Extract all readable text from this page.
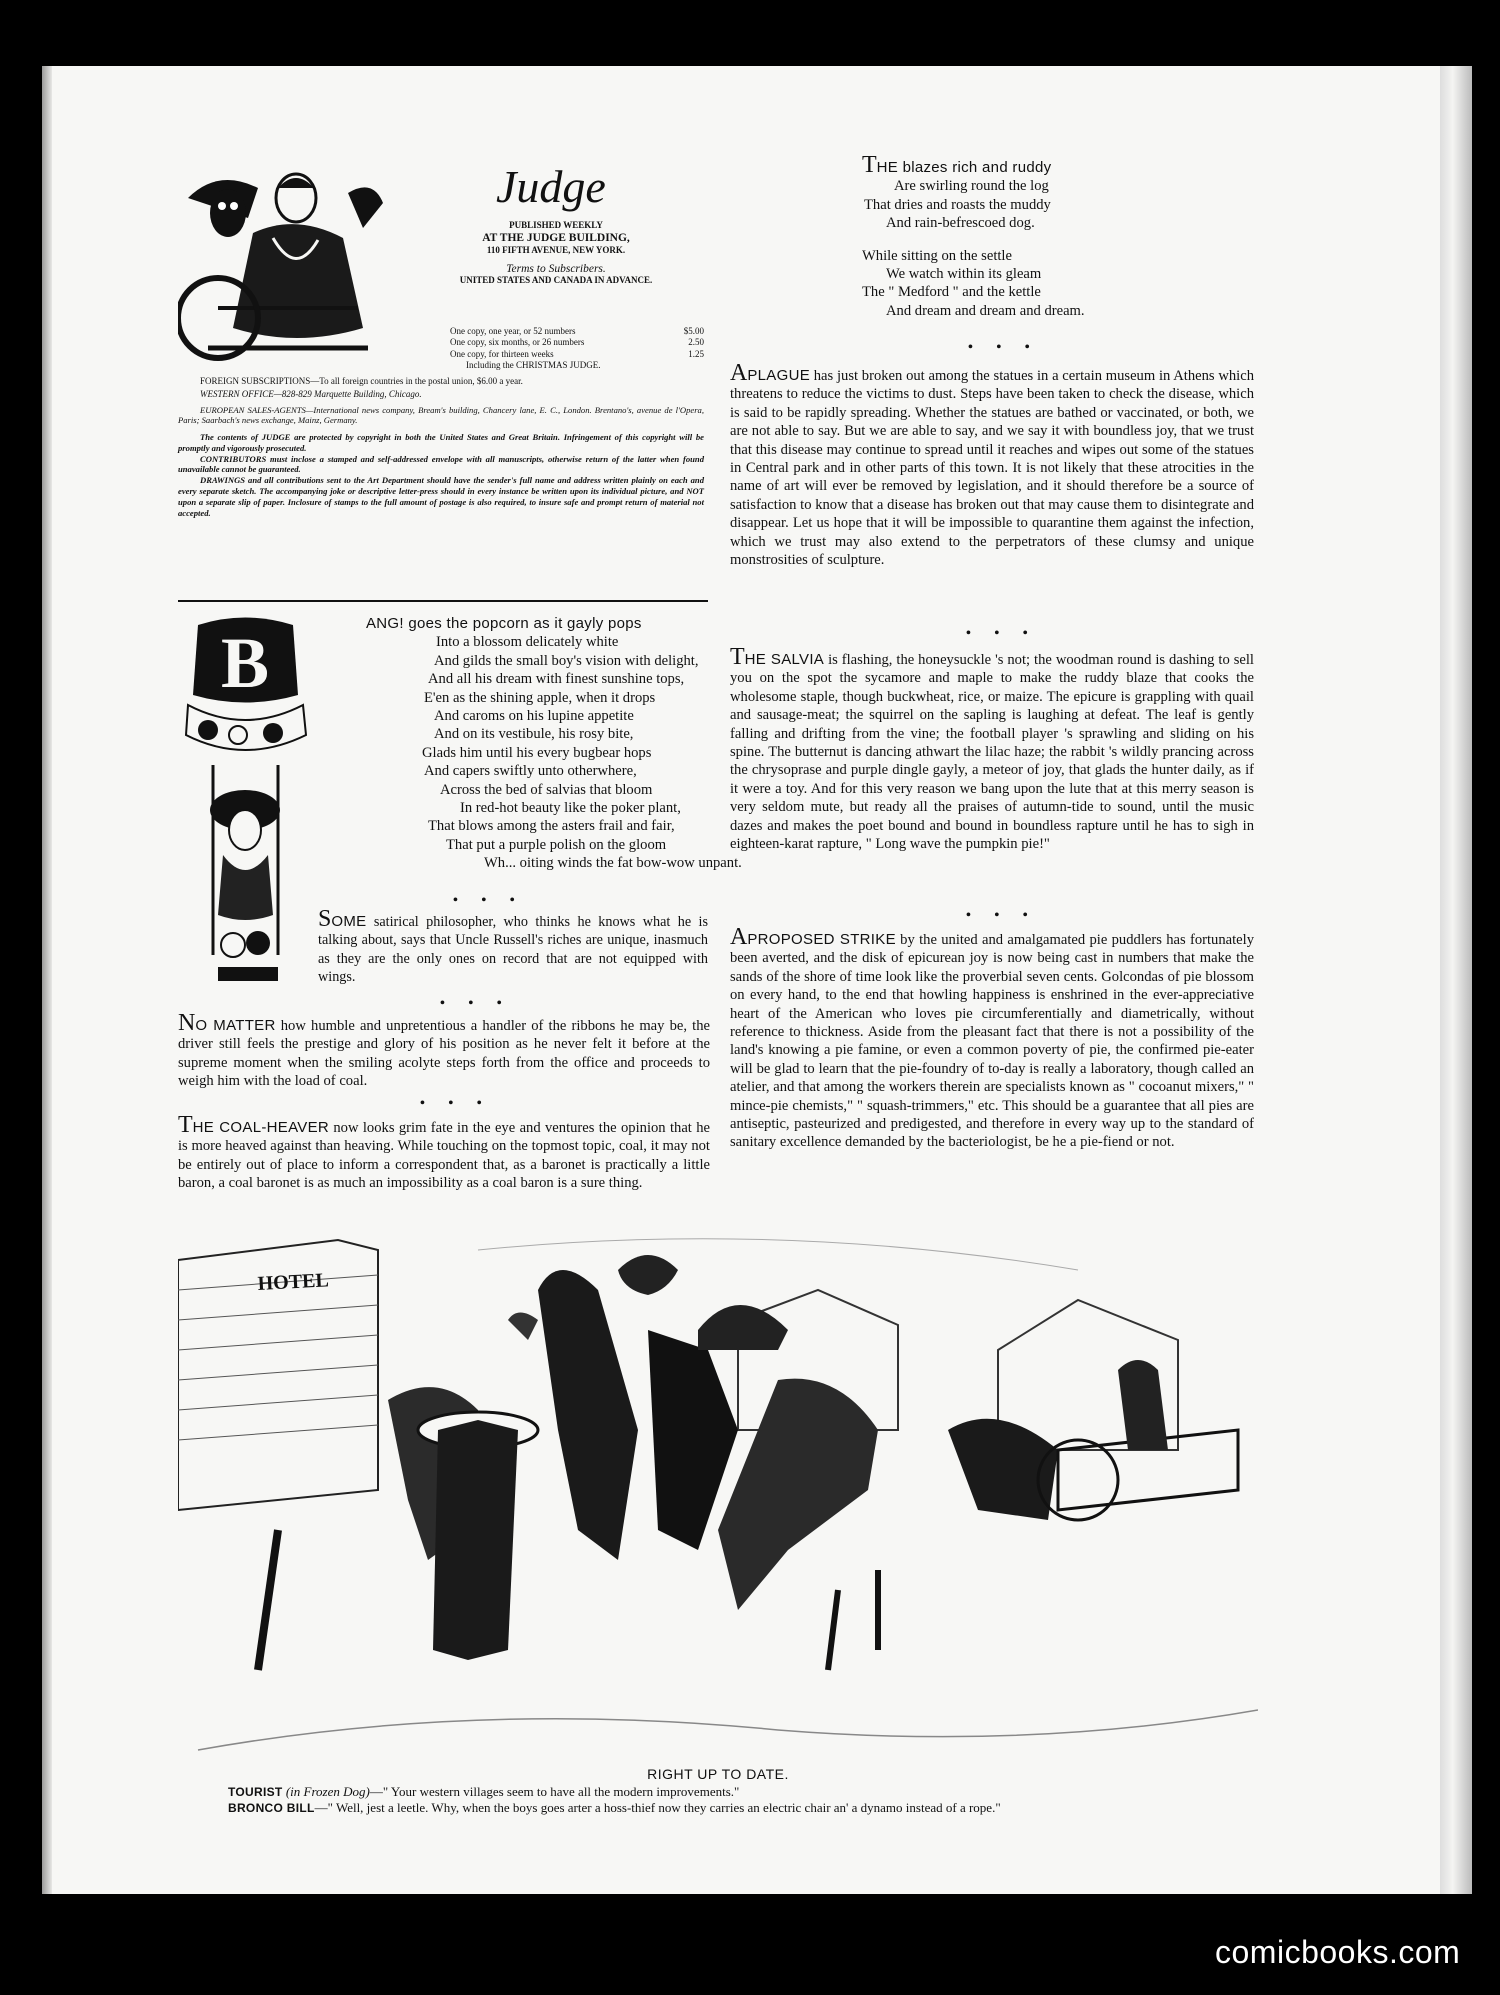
Judge
PUBLISHED WEEKLY
AT THE JUDGE BUILDING,
110 FIFTH AVENUE, NEW YORK.
Terms to Subscribers.
UNITED STATES AND CANADA IN ADVANCE.
One copy, one year, or 52 numbers	$5.00
One copy, six months, or 26 numbers	2.50
One copy, for thirteen weeks	1.25
Including the CHRISTMAS JUDGE.
FOREIGN SUBSCRIPTIONS—To all foreign countries in the postal union, $6.00 a year.
WESTERN OFFICE—828-829 Marquette Building, Chicago.
EUROPEAN SALES-AGENTS—International news company, Bream's building, Chancery lane, E. C., London. Brentano's, avenue de l'Opera, Paris; Saarbach's news exchange, Mainz, Germany.
The contents of JUDGE are protected by copyright in both the United States and Great Britain. Infringement of this copyright will be promptly and vigorously prosecuted.
CONTRIBUTORS must inclose a stamped and self-addressed envelope with all manuscripts, otherwise return of the latter when found unavailable cannot be guaranteed.
DRAWINGS and all contributions sent to the Art Department should have the sender's full name and address written plainly on each and every separate sketch. The accompanying joke or descriptive letter-press should in every instance be written upon its individual picture, and NOT upon a separate slip of paper. Inclosure of stamps to the full amount of postage is also required, to insure safe and prompt return of material not accepted.
B	ANG! goes the popcorn as it gayly pops
Into a blossom delicately white
And gilds the small boy's vision with delight,
And all his dream with finest sunshine tops,
E'en as the shining apple, when it drops
And caroms on his lupine appetite
And on its vestibule, his rosy bite,
Glads him until his every bugbear hops
And capers swiftly unto otherwhere,
Across the bed of salvias that bloom
In red-hot beauty like the poker plant,
That blows among the asters frail and fair,
That put a purple polish on the gloom
Wh... oiting winds the fat bow-wow unpant.
• • •

SOME satirical philosopher, who thinks he knows what he is talking about, says that Uncle Russell's riches are unique, inasmuch as they are the only ones on record that are not equipped with wings.

• • •

NO MATTER how humble and unpretentious a handler of the ribbons he may be, the driver still feels the prestige and glory of his position as he never felt it before at the supreme moment when the smiling acolyte steps forth from the office and proceeds to weigh him with the load of coal.

• • •

THE COAL-HEAVER now looks grim fate in the eye and ventures the opinion that he is more heaved against than heaving. While touching on the topmost topic, coal, it may not be entirely out of place to inform a correspondent that, as a baronet is practically a little baron, a coal baronet is as much an impossibility as a coal baron is a sure thing.

THE blazes rich and ruddy
Are swirling round the log
That dries and roasts the muddy
And rain-befrescoed dog.
While sitting on the settle
We watch within its gleam
The " Medford " and the kettle
And dream and dream and dream.
• • •

APLAGUE has just broken out among the statues in a certain museum in Athens which threatens to reduce the victims to dust. Steps have been taken to check the disease, which is said to be rapidly spreading. Whether the statues are bathed or vaccinated, or both, we are not able to say. But we are able to say, and we say it with boundless joy, that we trust that this disease may continue to spread until it reaches and wipes out some of the statues in Central park and in other parts of this town. It is not likely that these atrocities in the name of art will ever be removed by legislation, and it should therefore be a source of satisfaction to know that a disease has broken out that may cause them to disintegrate and disappear. Let us hope that it will be impossible to quarantine them against the infection, which we trust may also extend to the perpetrators of these clumsy and unique monstrosities of sculpture.

• • •

THE SALVIA is flashing, the honeysuckle 's not; the woodman round is dashing to sell you on the spot the sycamore and maple to make the ruddy blaze that cooks the wholesome staple, though buckwheat, rice, or maize. The epicure is grappling with quail and sausage-meat; the squirrel on the sapling is laughing at defeat. The leaf is gently falling and drifting from the vine; the football player 's sprawling and sliding on his spine. The butternut is dancing athwart the lilac haze; the rabbit 's wildly prancing across the chrysoprase and purple dingle gayly, a meteor of joy, that glads the hunter daily, as if it were a toy. And for this very reason we bang upon the lute that at this merry season is very seldom mute, but ready all the praises of autumn-tide to sound, until the music dazes and makes the poet bound and bound in boundless rapture until he has to sigh in eighteen-karat rapture, " Long wave the pumpkin pie!"

• • •

APROPOSED STRIKE by the united and amalgamated pie puddlers has fortunately been averted, and the disk of epicurean joy is now being cast in numbers that make the sands of the shore of time look like the proverbial seven cents. Golcondas of pie blossom on every hand, to the end that howling happiness is enshrined in the ever-appreciative heart of the American who loves pie circumferentially and diametrically, without reference to thickness. Aside from the pleasant fact that there is not a possibility of the land's knowing a pie famine, or even a common poverty of pie, the confirmed pie-eater will be glad to learn that the pie-foundry of to-day is really a laboratory, though called an atelier, and that among the workers therein are specialists known as " cocoanut mixers," " mince-pie chemists," " squash-trimmers," etc. This should be a guarantee that all pies are antiseptic, pasteurized and predigested, and therefore in every way up to the standard of sanitary excellence demanded by the bacteriologist, be he a pie-fiend or not.

HOTEL
RIGHT UP TO DATE.
TOURIST (in Frozen Dog)—" Your western villages seem to have all the modern improvements."
BRONCO BILL—" Well, jest a leetle. Why, when the boys goes arter a hoss-thief now they carries an electric chair an' a dynamo instead of a rope."
comicbooks.com
